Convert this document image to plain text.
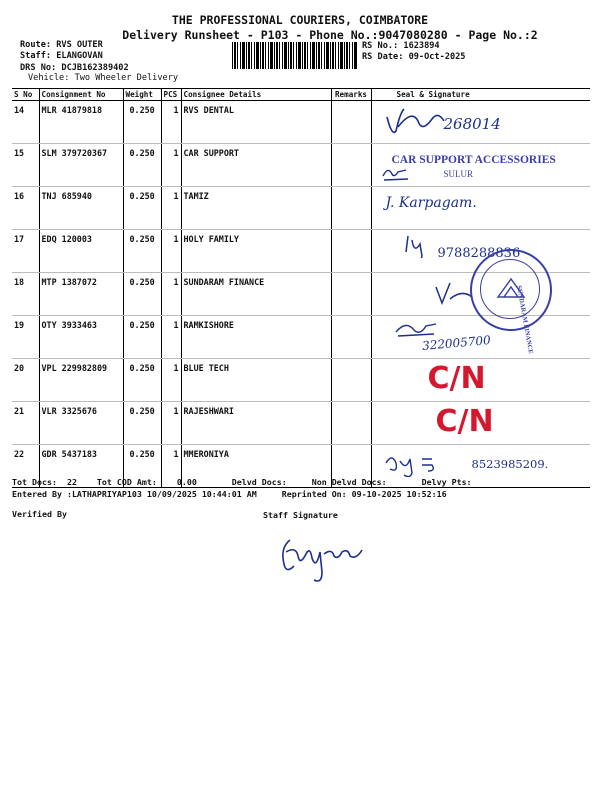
THE PROFESSIONAL COURIERS, COIMBATORE
Delivery Runsheet - P103 - Phone No.:9047080280 - Page No.:2
Route: RVS OUTER
Staff: ELANGOVAN
DRS No: DCJB162389402
Vehicle: Two Wheeler Delivery
RS No.: 1623894
RS Date: 09-Oct-2025
S No	Consignment No	Weight	PCS	Consignee Details	Remarks	Seal & Signature
14	MLR 41879818	0.250	1	RVS DENTAL		268014

15	SLM 379720367	0.250	1	CAR SUPPORT		CAR SUPPORT ACCESSORIES
SULUR

16	TNJ 685940	0.250	1	TAMIZ		J. Karpagam.

17	EDQ 120003	0.250	1	HOLY FAMILY		9788288836

18	MTP 1387072	0.250	1	SUNDARAM FINANCE		SUNDARAM FINANCE

19	OTY 3933463	0.250	1	RAMKISHORE		322005700

20	VPL 229982809	0.250	1	BLUE TECH		C/N

21	VLR 3325676	0.250	1	RAJESHWARI		C/N

22	GDR 5437183	0.250	1	MMERONIYA		8523985209.
Tot Docs:  22    Tot COD Amt:    0.00       Delvd Docs:     Non Delvd Docs:       Delvy Pts:
Entered By :LATHAPRIYAP103 10/09/2025 10:44:01 AM     Reprinted On: 09-10-2025 10:52:16
Verified By	Staff Signature
